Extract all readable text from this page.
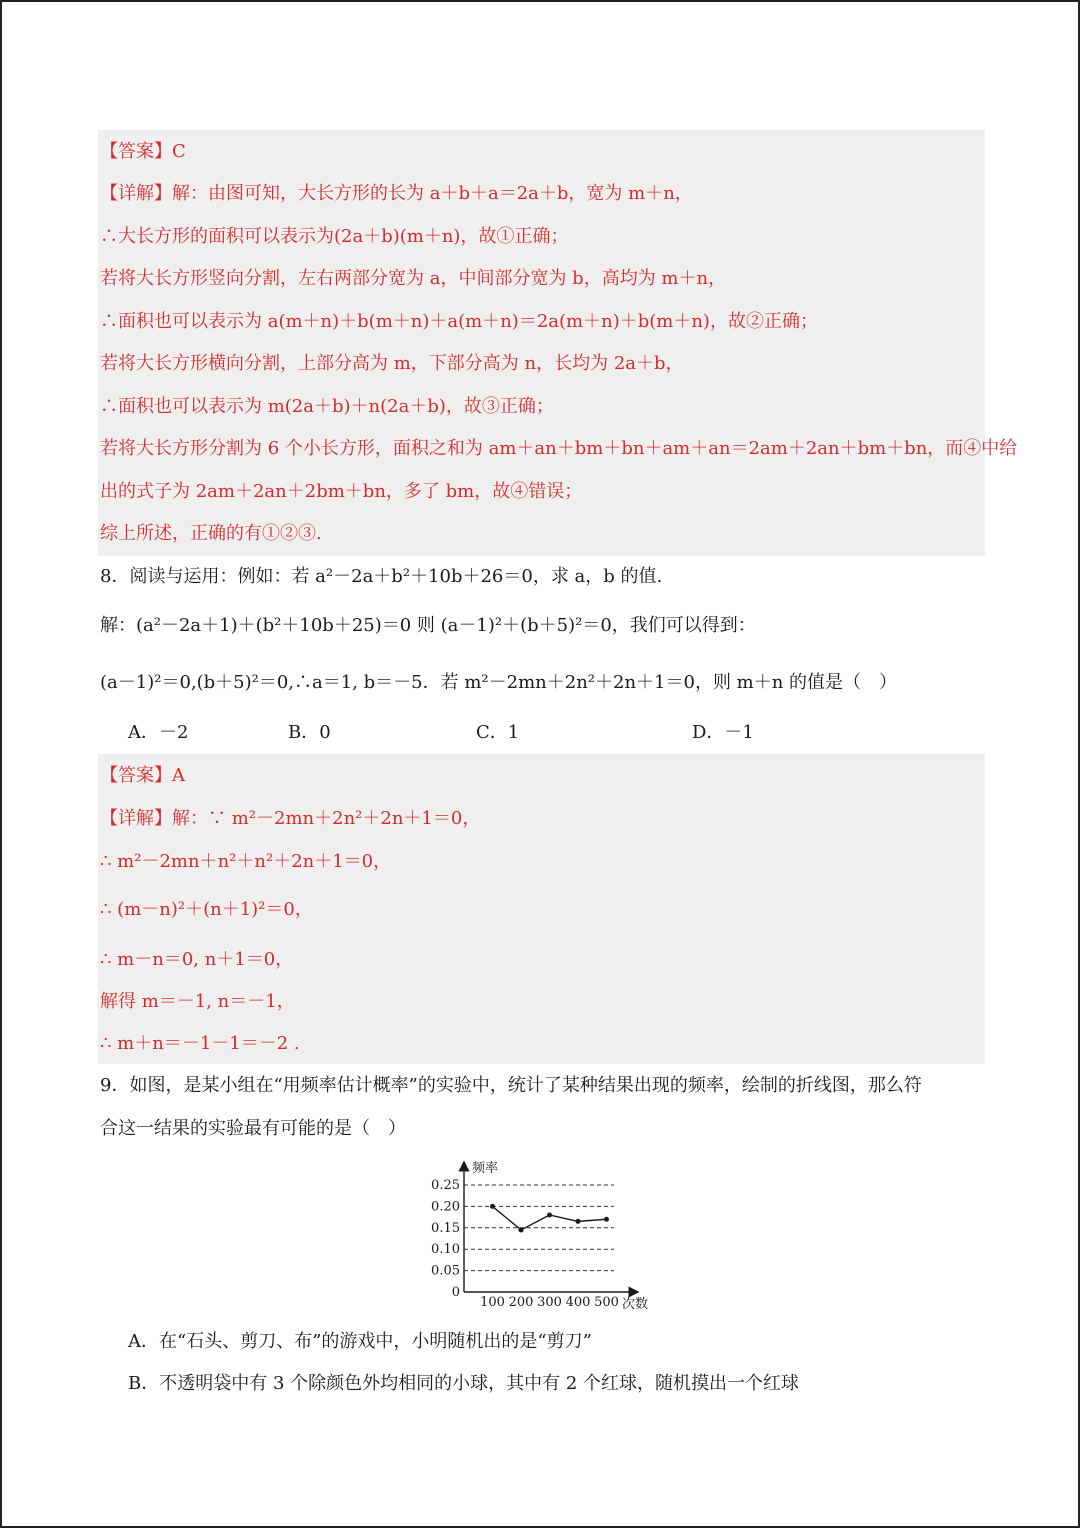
【答案】C
【详解】解：由图可知，大长方形的长为 a＋b＋a＝2a＋b，宽为 m＋n，
∴大长方形的面积可以表示为(2a＋b)(m＋n)，故①正确；
若将大长方形竖向分割，左右两部分宽为 a，中间部分宽为 b，高均为 m＋n，
∴面积也可以表示为 a(m＋n)＋b(m＋n)＋a(m＋n)＝2a(m＋n)＋b(m＋n)，故②正确；
若将大长方形横向分割，上部分高为 m，下部分高为 n，长均为 2a＋b，
∴面积也可以表示为 m(2a＋b)＋n(2a＋b)，故③正确；
若将大长方形分割为 6 个小长方形，面积之和为 am＋an＋bm＋bn＋am＋an＝2am＋2an＋bm＋bn，而④中给
出的式子为 2am＋2an＋2bm＋bn，多了 bm，故④错误；
综上所述，正确的有①②③.
8．阅读与运用：例如：若 a²－2a＋b²＋10b＋26＝0，求 a，b 的值.
解：(a²－2a＋1)＋(b²＋10b＋25)＝0 则 (a－1)²＋(b＋5)²＝0，我们可以得到：
(a－1)²＝0,(b＋5)²＝0,∴a＝1, b＝－5．若 m²－2mn＋2n²＋2n＋1＝0，则 m＋n 的值是（　）
A．－2	B．0	C．1	D．－1
【答案】A
【详解】解：∵ m²－2mn＋2n²＋2n＋1＝0，
∴ m²－2mn＋n²＋n²＋2n＋1＝0，
∴ (m－n)²＋(n＋1)²＝0，
∴ m－n＝0, n＋1＝0，
解得 m＝－1, n＝－1，
∴ m＋n＝－1－1＝－2 .
9．如图，是某小组在“用频率估计概率”的实验中，统计了某种结果出现的频率，绘制的折线图，那么符
合这一结果的实验最有可能的是（　）
频率
次数
0.25
0.20
0.15
0.10
0.05
0
100 200 300 400 500
A．在“石头、剪刀、布”的游戏中，小明随机出的是“剪刀”
B．不透明袋中有 3 个除颜色外均相同的小球，其中有 2 个红球，随机摸出一个红球
